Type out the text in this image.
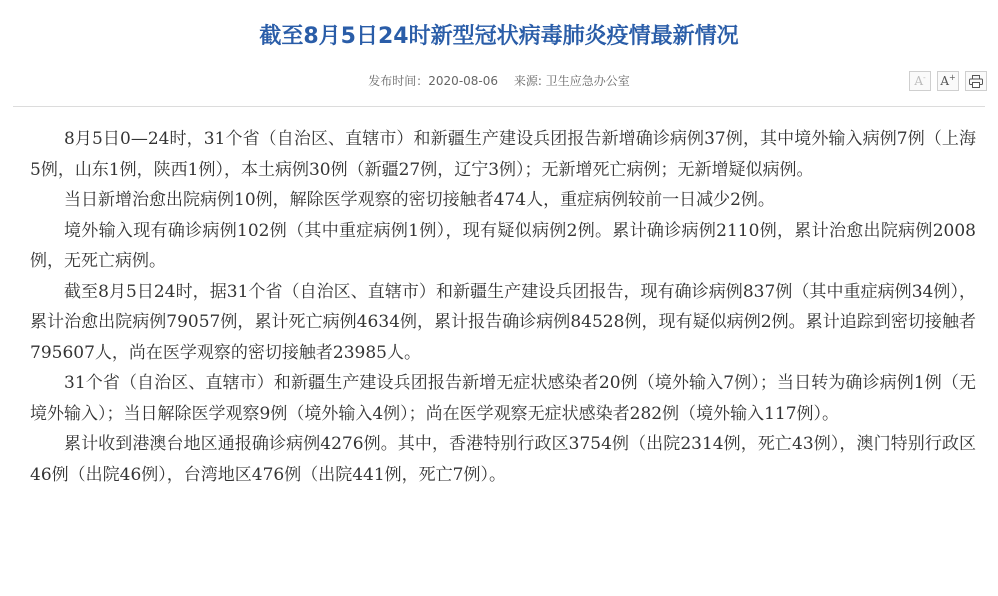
截至8月5日24时新型冠状病毒肺炎疫情最新情况
发布时间：2020-08-06 来源: 卫生应急办公室	A- A+

8月5日0—24时，31个省（自治区、直辖市）和新疆生产建设兵团报告新增确诊病例37例，其中境外输入病例7例（上海5例，山东1例，陕西1例），本土病例30例（新疆27例，辽宁3例）；无新增死亡病例；无新增疑似病例。

当日新增治愈出院病例10例，解除医学观察的密切接触者474人，重症病例较前一日减少2例。

境外输入现有确诊病例102例（其中重症病例1例），现有疑似病例2例。累计确诊病例2110例，累计治愈出院病例2008例，无死亡病例。

截至8月5日24时，据31个省（自治区、直辖市）和新疆生产建设兵团报告，现有确诊病例837例（其中重症病例34例），累计治愈出院病例79057例，累计死亡病例4634例，累计报告确诊病例84528例，现有疑似病例2例。累计追踪到密切接触者795607人，尚在医学观察的密切接触者23985人。

31个省（自治区、直辖市）和新疆生产建设兵团报告新增无症状感染者20例（境外输入7例）；当日转为确诊病例1例（无境外输入）；当日解除医学观察9例（境外输入4例）；尚在医学观察无症状感染者282例（境外输入117例）。

累计收到港澳台地区通报确诊病例4276例。其中，香港特别行政区3754例（出院2314例，死亡43例），澳门特别行政区46例（出院46例），台湾地区476例（出院441例，死亡7例）。
